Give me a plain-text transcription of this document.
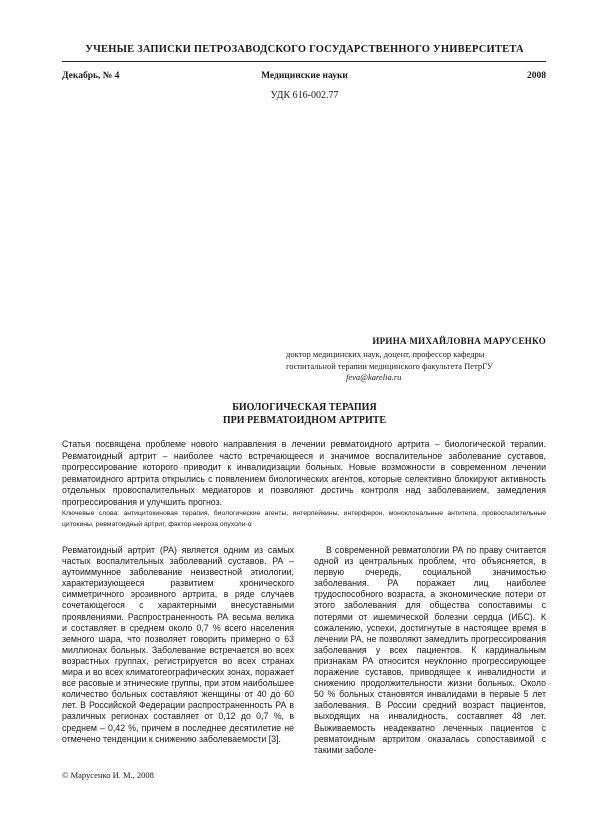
УЧЕНЫЕ ЗАПИСКИ ПЕТРОЗАВОДСКОГО ГОСУДАРСТВЕННОГО УНИВЕРСИТЕТА
Декабрь, № 4	Медицинские науки	2008
УДК 616-002.77
ИРИНА МИХАЙЛОВНА МАРУСЕНКО
доктор медицинских наук, доцент, профессор кафедры
госпитальной терапии медицинского факультета ПетрГУ
feva@karelia.ru
БИОЛОГИЧЕСКАЯ ТЕРАПИЯ
ПРИ РЕВМАТОИДНОМ АРТРИТЕ
Статья посвящена проблеме нового направления в лечении ревматоидного артрита – биологической терапии. Ревматоидный артрит – наиболее часто встречающееся и значимое воспалительное заболевание суставов, прогрессирование которого приводит к инвалидизации больных. Новые возможности в современном лечении ревматоидного артрита открылись с появлением биологических агентов, которые селективно блокируют активность отдельных провоспалительных медиаторов и позволяют достичь контроля над заболеванием, замедления прогрессирования и улучшить прогноз.
Ключевые слова: антицитокиновая терапия, биологические агенты, интерлейкины, интерферон, моноклональные антитела, провоспалительные цитокины, ревматоидный артрит, фактор некроза опухоли-α

Ревматоидный артрит (РА) является одним из самых частых воспалительных заболеваний суставов. РА – аутоиммунное заболевание неизвестной этиологии, характеризующееся развитием хронического симметричного эрозивного артрита, в ряде случаев сочетающегося с характерными внесуставными проявлениями. Распространенность РА весьма велика и составляет в среднем около 0,7 % всего населения земного шара, что позволяет говорить примерно о 63 миллионах больных. Заболевание встречается во всех возрастных группах, регистрируется во всех странах мира и во всех климатогеографических зонах, поражает все расовые и этнические группы, при этом наибольшее количество больных составляют женщины от 40 до 60 лет. В Российской Федерации распространенность РА в различных регионах составляет от 0,12 до 0,7 %, в среднем – 0,42 %, причем в последнее десятилетие не отмечено тенденции к снижению заболеваемости [3].

В современной ревматологии РА по праву считается одной из центральных проблем, что объясняется, в первую очередь, социальной значимостью заболевания. РА поражает лиц наиболее трудоспособного возраста, а экономические потери от этого заболевания для общества сопоставимы с потерями от ишемической болезни сердца (ИБС). К сожалению, успехи, достигнутые в настоящее время в лечении РА, не позволяют замедлить прогрессирования заболевания у всех пациентов. К кардинальным признакам РА относится неуклонно прогрессирующее поражение суставов, приводящее к инвалидности и снижению продолжительности жизни больных. Около 50 % больных становятся инвалидами в первые 5 лет заболевания. В России средний возраст пациентов, выходящих на инвалидность, составляет 48 лет. Выживаемость неадекватно леченных пациентов с ревматоидным артритом оказалась сопоставимой с такими заболе-

© Марусенко И. М., 2008
